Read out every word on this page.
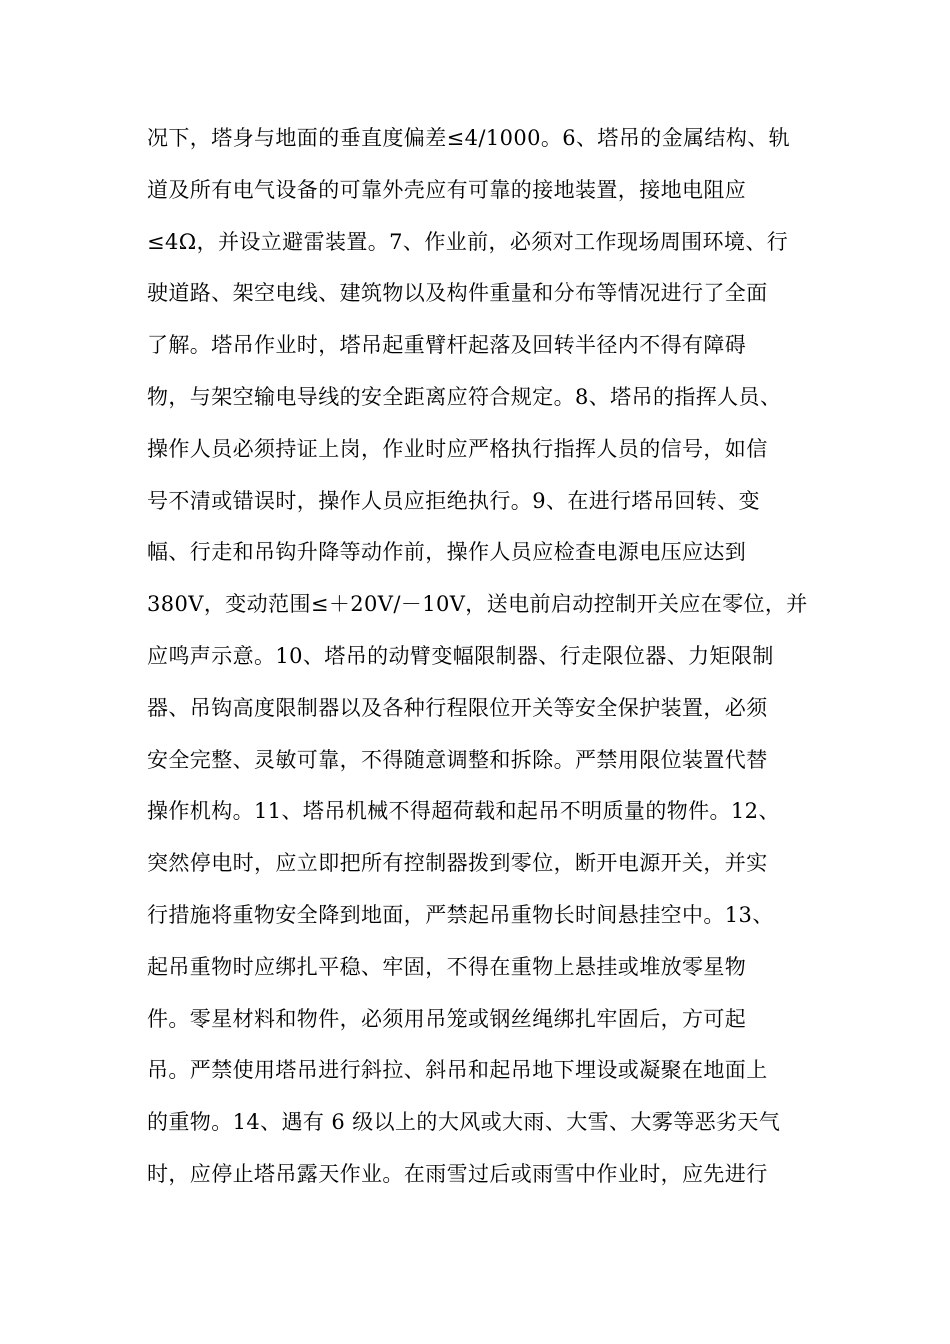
况下，塔身与地面的垂直度偏差≤4/1000。6、塔吊的金属结构、轨
道及所有电气设备的可靠外壳应有可靠的接地装置，接地电阻应
≤4Ω，并设立避雷装置。7、作业前，必须对工作现场周围环境、行
驶道路、架空电线、建筑物以及构件重量和分布等情况进行了全面
了解。塔吊作业时，塔吊起重臂杆起落及回转半径内不得有障碍
物，与架空输电导线的安全距离应符合规定。8、塔吊的指挥人员、
操作人员必须持证上岗，作业时应严格执行指挥人员的信号，如信
号不清或错误时，操作人员应拒绝执行。9、在进行塔吊回转、变
幅、行走和吊钩升降等动作前，操作人员应检查电源电压应达到
380V，变动范围≤＋20V/－10V，送电前启动控制开关应在零位，并
应鸣声示意。10、塔吊的动臂变幅限制器、行走限位器、力矩限制
器、吊钩高度限制器以及各种行程限位开关等安全保护装置，必须
安全完整、灵敏可靠，不得随意调整和拆除。严禁用限位装置代替
操作机构。11、塔吊机械不得超荷载和起吊不明质量的物件。12、
突然停电时，应立即把所有控制器拨到零位，断开电源开关，并实
行措施将重物安全降到地面，严禁起吊重物长时间悬挂空中。13、
起吊重物时应绑扎平稳、牢固，不得在重物上悬挂或堆放零星物
件。零星材料和物件，必须用吊笼或钢丝绳绑扎牢固后，方可起
吊。严禁使用塔吊进行斜拉、斜吊和起吊地下埋设或凝聚在地面上
的重物。14、遇有 6 级以上的大风或大雨、大雪、大雾等恶劣天气
时，应停止塔吊露天作业。在雨雪过后或雨雪中作业时，应先进行
